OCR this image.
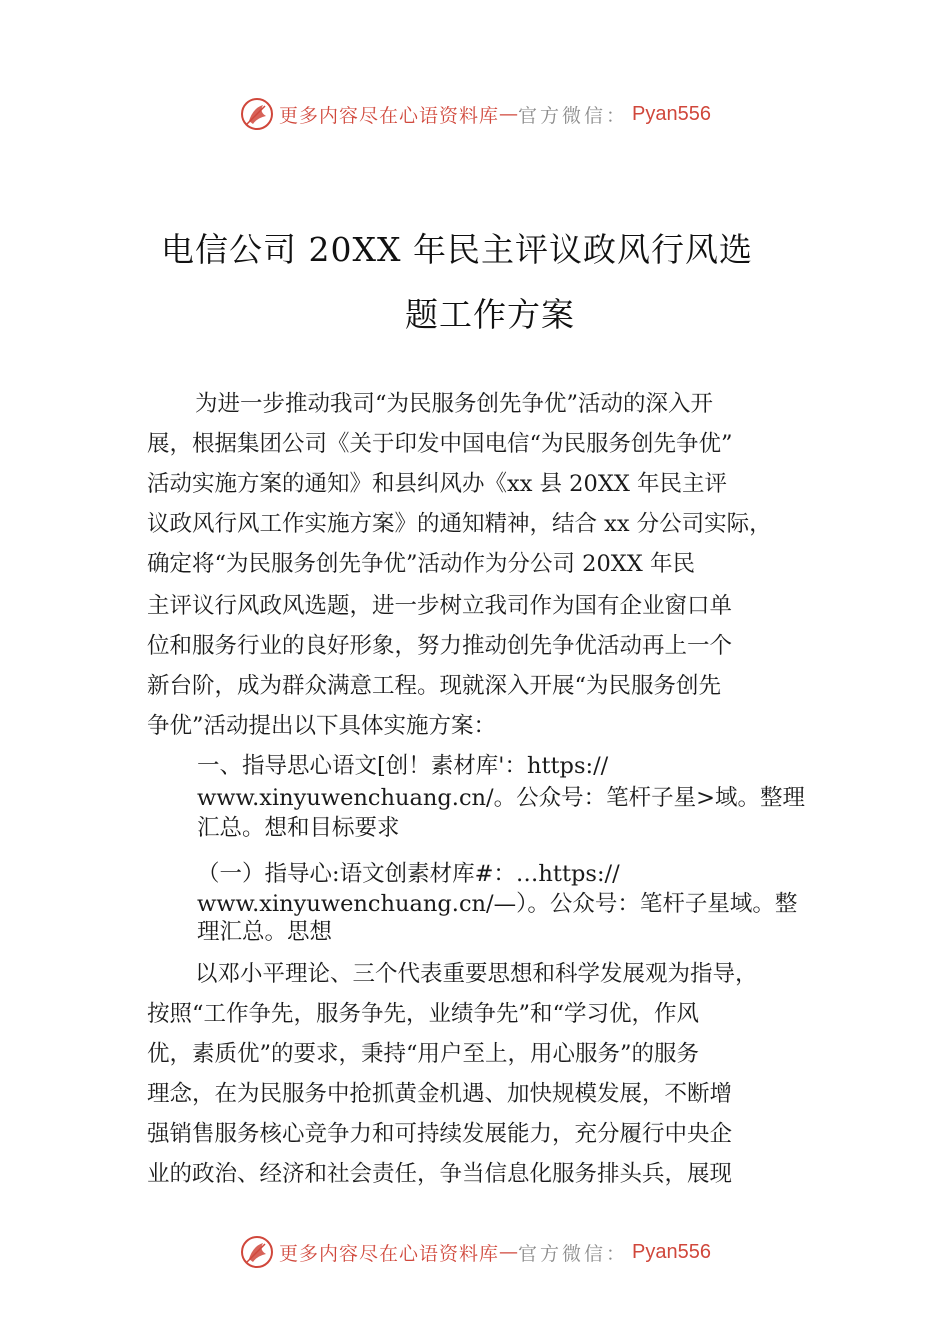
更多内容尽在心语资料库 — 官方微信： Pyan556
电信公司 20XX 年民主评议政风行风选
题工作方案
为进一步推动我司“为民服务创先争优”活动的深入开
展，根据集团公司《关于印发中国电信“为民服务创先争优”
活动实施方案的通知》和县纠风办《xx 县 20XX 年民主评
议政风行风工作实施方案》的通知精神，结合 xx 分公司实际，
确定将“为民服务创先争优”活动作为分公司 20XX 年民
主评议行风政风选题，进一步树立我司作为国有企业窗口单
位和服务行业的良好形象，努力推动创先争优活动再上一个
新台阶，成为群众满意工程。现就深入开展“为民服务创先
争优”活动提出以下具体实施方案：
一、指导思心语文[创！素材库'：https://
www.xinyuwenchuang.cn/。公众号：笔杆子星>域。整理
汇总。想和目标要求
（一）指导心:语文创素材库#：…https://
www.xinyuwenchuang.cn/—）。公众号：笔杆子星域。整
理汇总。思想
以邓小平理论、三个代表重要思想和科学发展观为指导，
按照“工作争先，服务争先，业绩争先”和“学习优，作风
优，素质优”的要求，秉持“用户至上，用心服务”的服务
理念，在为民服务中抢抓黄金机遇、加快规模发展，不断增
强销售服务核心竞争力和可持续发展能力，充分履行中央企
业的政治、经济和社会责任，争当信息化服务排头兵，展现
更多内容尽在心语资料库 — 官方微信： Pyan556
